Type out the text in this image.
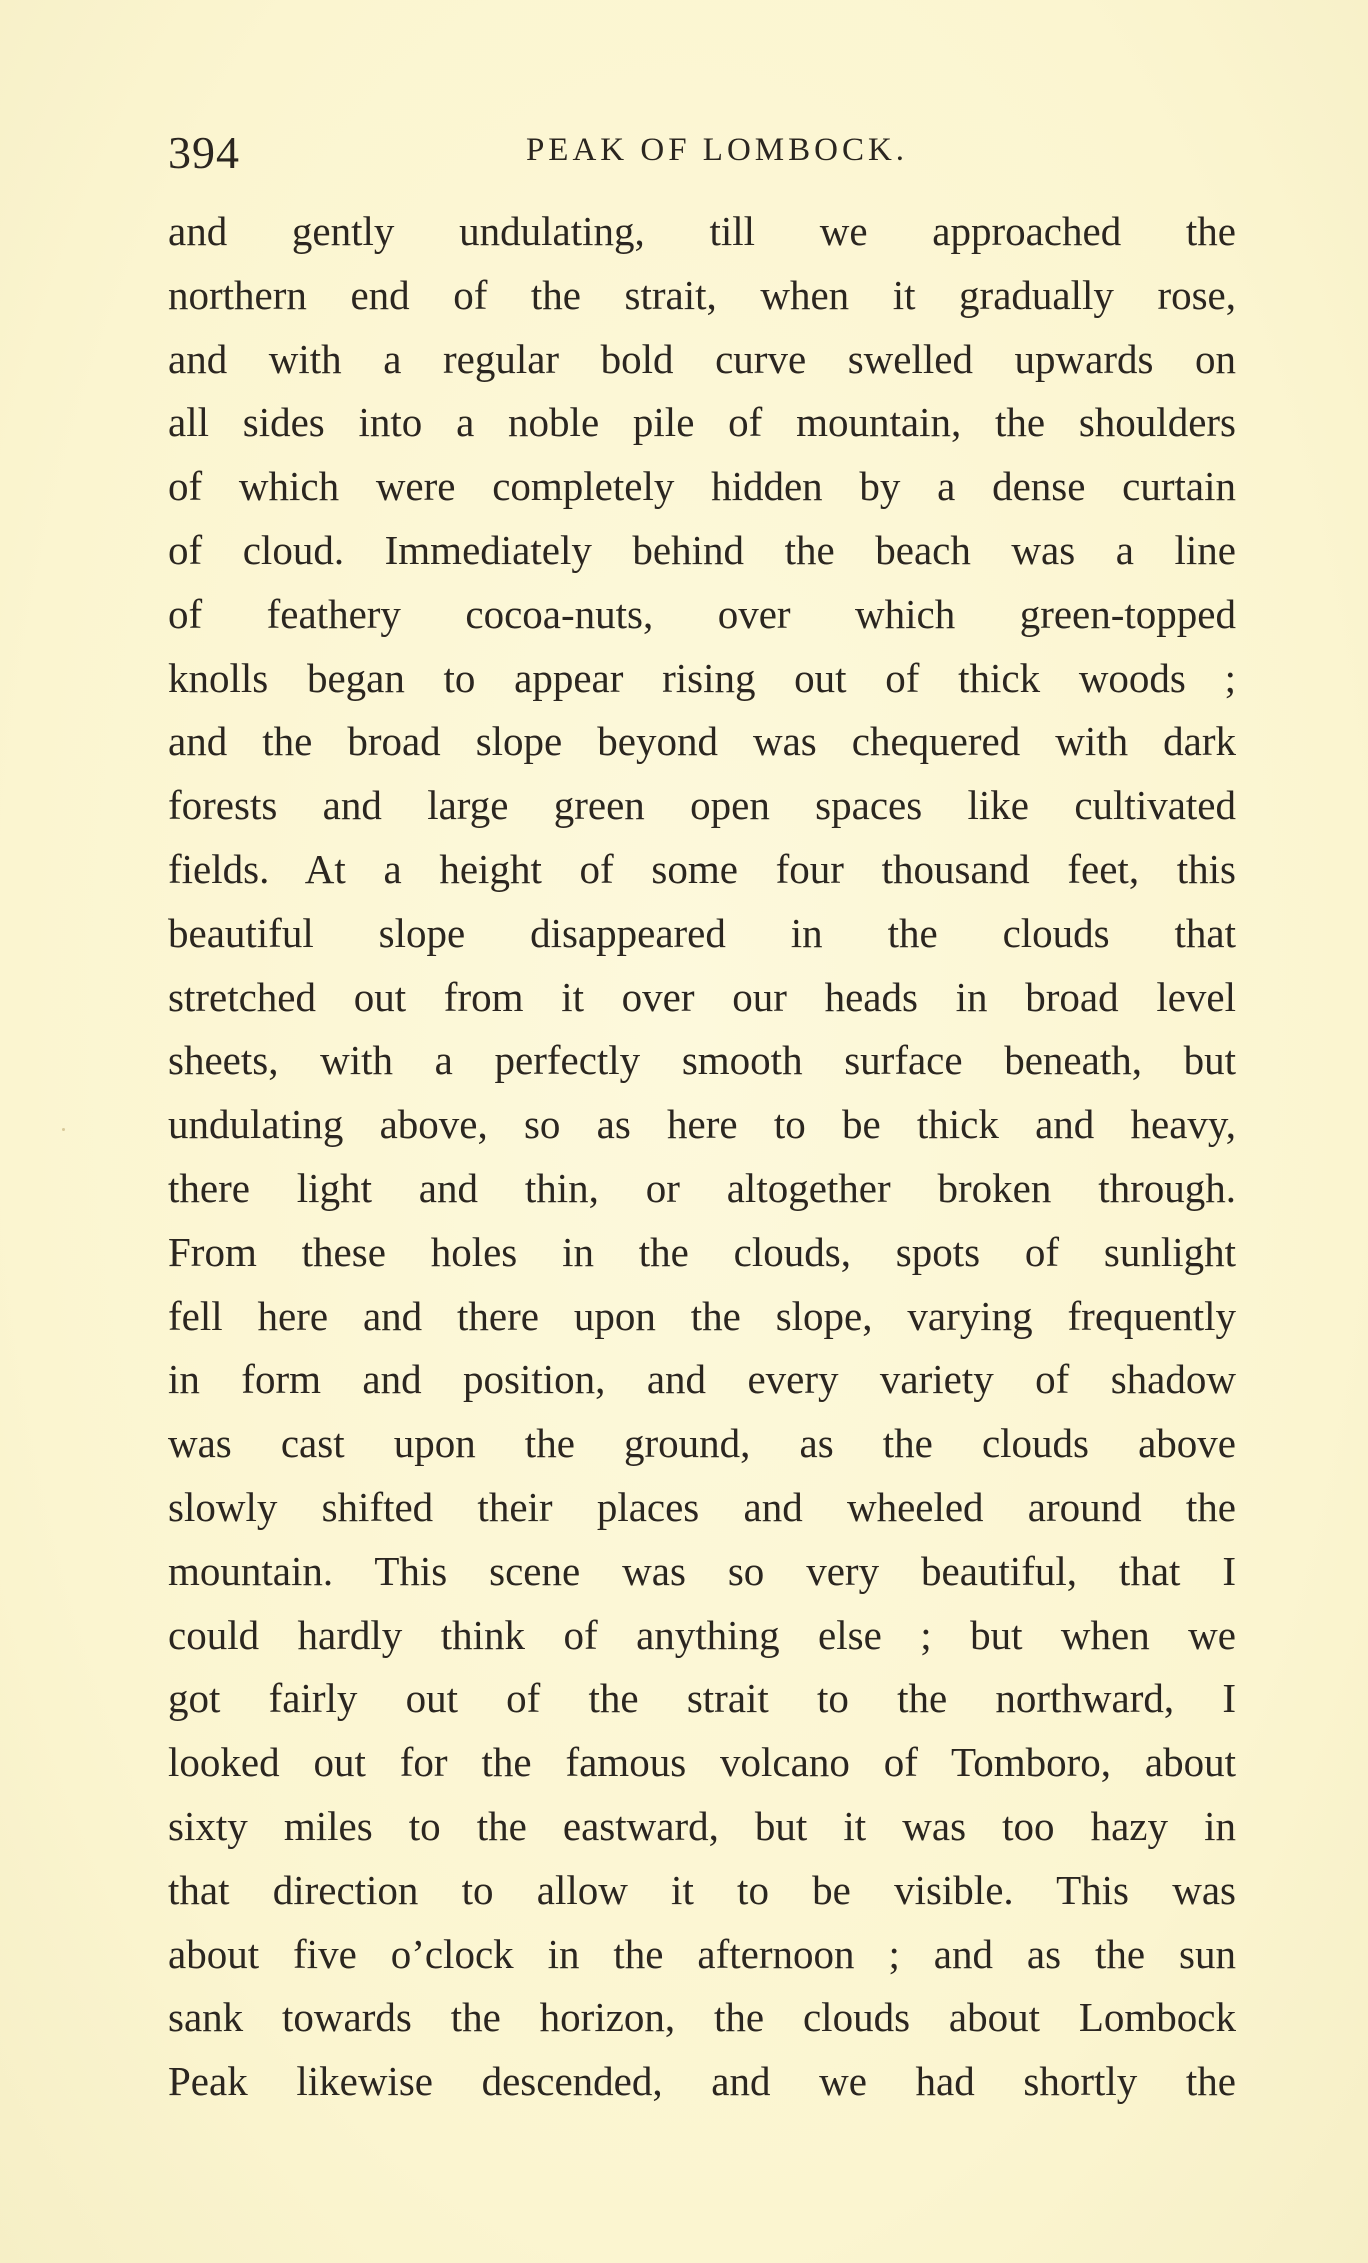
394	PEAK OF LOMBOCK.
and gently undulating, till we approached the
northern end of the strait, when it gradually rose,
and with a regular bold curve swelled upwards on
all sides into a noble pile of mountain, the shoulders
of which were completely hidden by a dense curtain
of cloud. Immediately behind the beach was a line
of feathery cocoa-nuts, over which green-topped
knolls began to appear rising out of thick woods ;
and the broad slope beyond was chequered with dark
forests and large green open spaces like cultivated
fields. At a height of some four thousand feet, this
beautiful slope disappeared in the clouds that
stretched out from it over our heads in broad level
sheets, with a perfectly smooth surface beneath, but
undulating above, so as here to be thick and heavy,
there light and thin, or altogether broken through.
From these holes in the clouds, spots of sunlight
fell here and there upon the slope, varying frequently
in form and position, and every variety of shadow
was cast upon the ground, as the clouds above
slowly shifted their places and wheeled around the
mountain. This scene was so very beautiful, that I
could hardly think of anything else ; but when we
got fairly out of the strait to the northward, I
looked out for the famous volcano of Tomboro, about
sixty miles to the eastward, but it was too hazy in
that direction to allow it to be visible. This was
about five o’clock in the afternoon ; and as the sun
sank towards the horizon, the clouds about Lombock
Peak likewise descended, and we had shortly the
